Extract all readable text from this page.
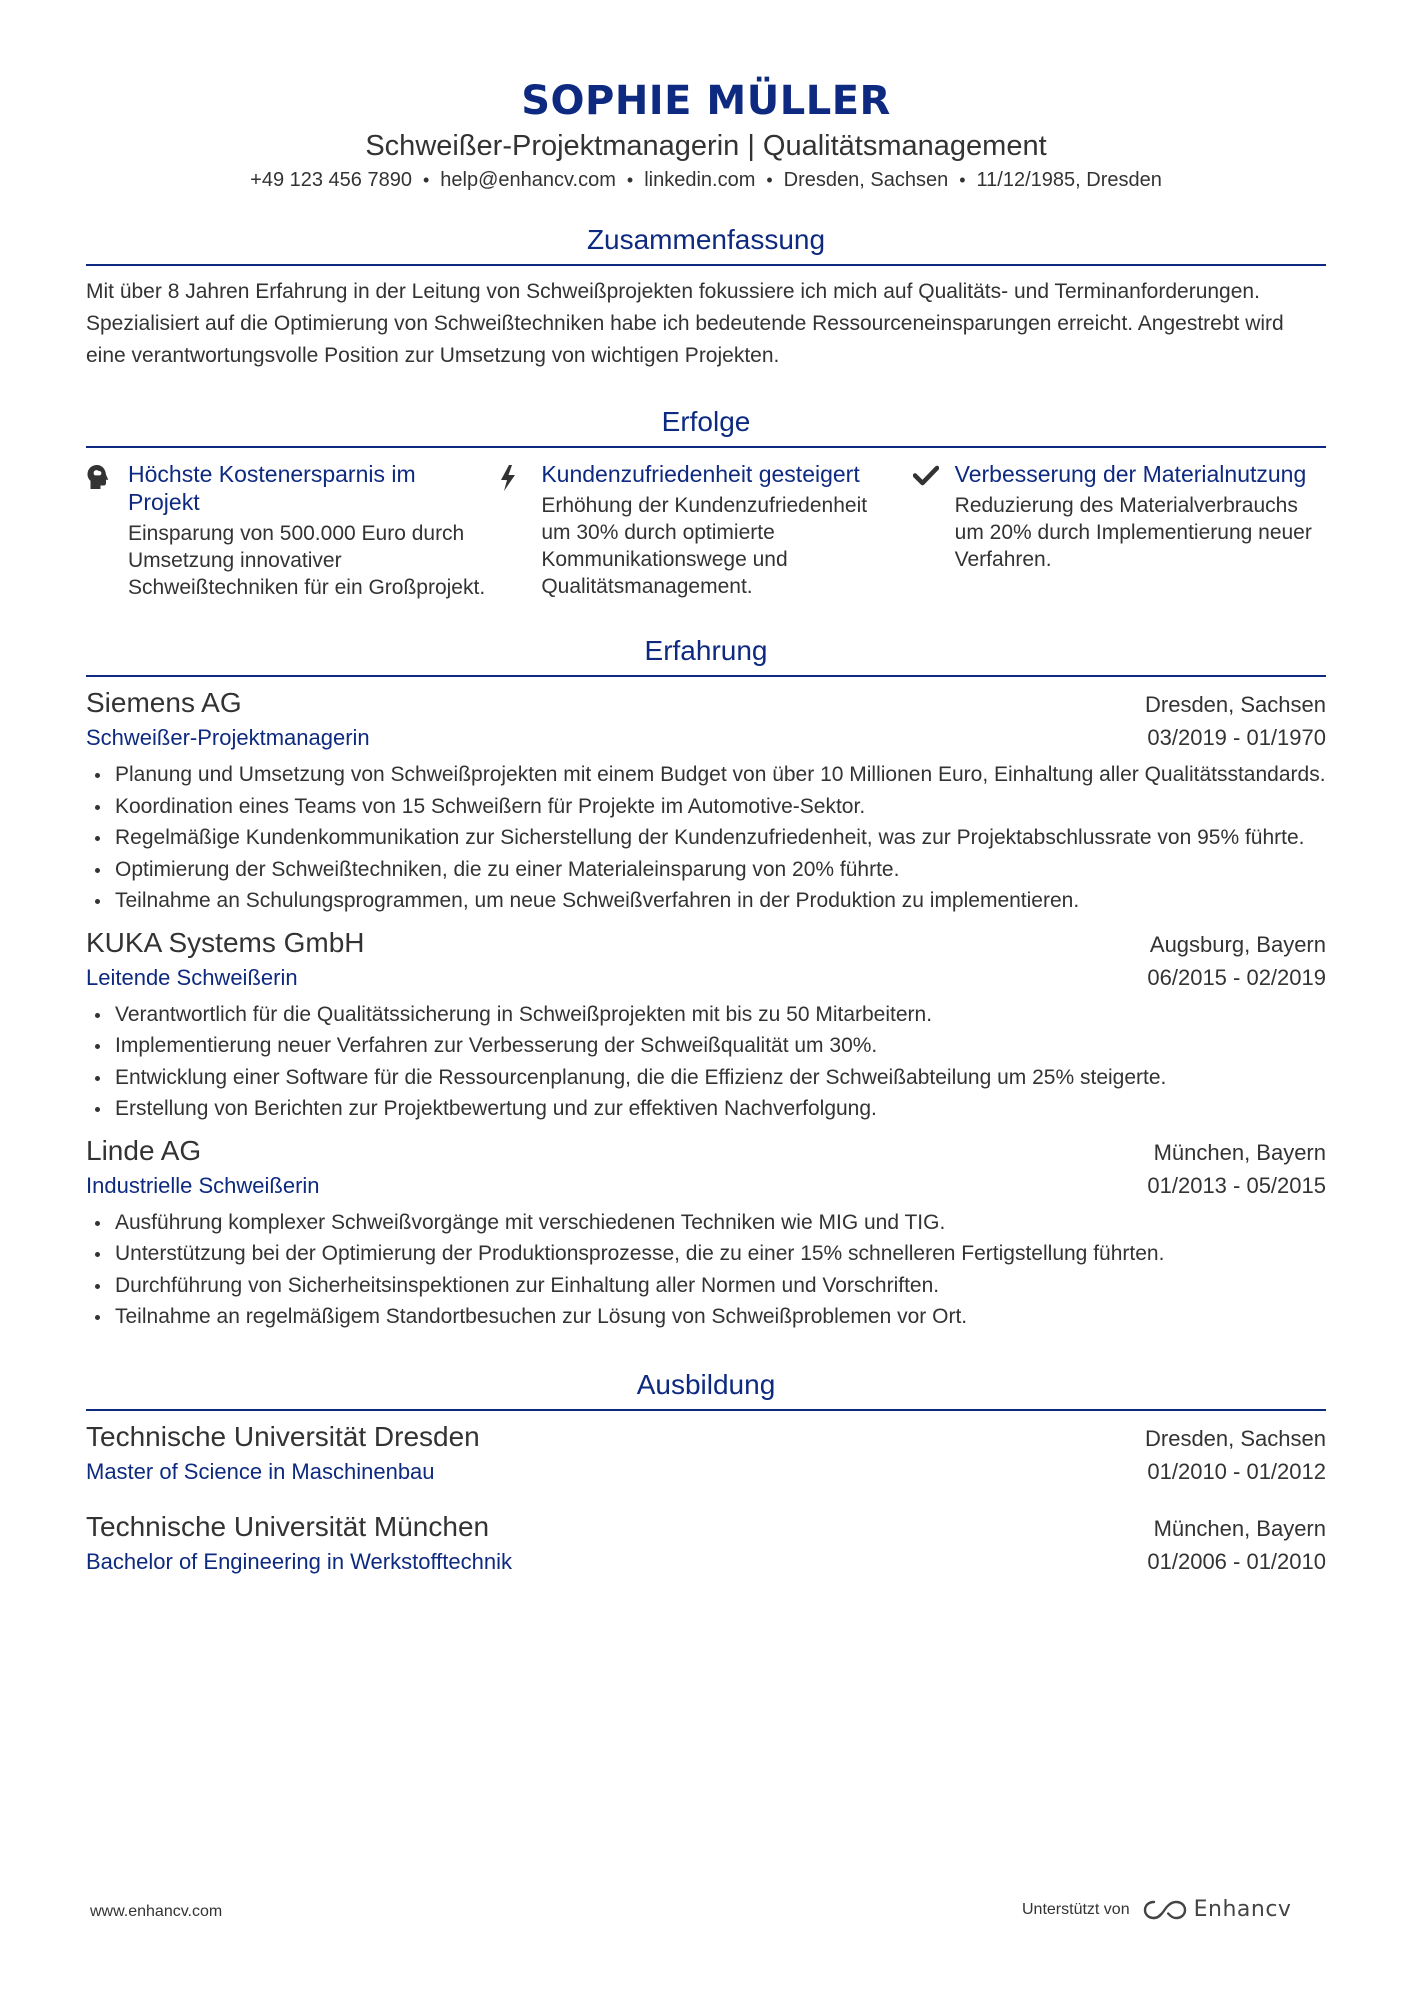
SOPHIE MÜLLER
Schweißer-Projektmanagerin | Qualitätsmanagement
+49 123 456 7890 • help@enhancv.com • linkedin.com • Dresden, Sachsen • 11/12/1985, Dresden
Zusammenfassung

Mit über 8 Jahren Erfahrung in der Leitung von Schweißprojekten fokussiere ich mich auf Qualitäts- und Terminanforderungen. Spezialisiert auf die Optimierung von Schweißtechniken habe ich bedeutende Ressourceneinsparungen erreicht. Angestrebt wird eine verantwortungsvolle Position zur Umsetzung von wichtigen Projekten.

Erfolge
Höchste Kostenersparnis im Projekt
Einsparung von 500.000 Euro durch Umsetzung innovativer Schweißtechniken für ein Großprojekt.
Kundenzufriedenheit gesteigert
Erhöhung der Kundenzufriedenheit um 30% durch optimierte Kommunikationswege und Qualitätsmanagement.
Verbesserung der Materialnutzung
Reduzierung des Materialverbrauchs um 20% durch Implementierung neuer Verfahren.
Erfahrung
Siemens AG	Dresden, Sachsen
Schweißer-Projektmanagerin	03/2019 - 01/1970
Planung und Umsetzung von Schweißprojekten mit einem Budget von über 10 Millionen Euro, Einhaltung aller Qualitätsstandards.
Koordination eines Teams von 15 Schweißern für Projekte im Automotive-Sektor.
Regelmäßige Kundenkommunikation zur Sicherstellung der Kundenzufriedenheit, was zur Projektabschlussrate von 95% führte.
Optimierung der Schweißtechniken, die zu einer Materialeinsparung von 20% führte.
Teilnahme an Schulungsprogrammen, um neue Schweißverfahren in der Produktion zu implementieren.
KUKA Systems GmbH	Augsburg, Bayern
Leitende Schweißerin	06/2015 - 02/2019
Verantwortlich für die Qualitätssicherung in Schweißprojekten mit bis zu 50 Mitarbeitern.
Implementierung neuer Verfahren zur Verbesserung der Schweißqualität um 30%.
Entwicklung einer Software für die Ressourcenplanung, die die Effizienz der Schweißabteilung um 25% steigerte.
Erstellung von Berichten zur Projektbewertung und zur effektiven Nachverfolgung.
Linde AG	München, Bayern
Industrielle Schweißerin	01/2013 - 05/2015
Ausführung komplexer Schweißvorgänge mit verschiedenen Techniken wie MIG und TIG.
Unterstützung bei der Optimierung der Produktionsprozesse, die zu einer 15% schnelleren Fertigstellung führten.
Durchführung von Sicherheitsinspektionen zur Einhaltung aller Normen und Vorschriften.
Teilnahme an regelmäßigem Standortbesuchen zur Lösung von Schweißproblemen vor Ort.
Ausbildung
Technische Universität Dresden	Dresden, Sachsen
Master of Science in Maschinenbau	01/2010 - 01/2012
Technische Universität München	München, Bayern
Bachelor of Engineering in Werkstofftechnik	01/2006 - 01/2010
www.enhancv.com	Unterstützt von	Enhancv
